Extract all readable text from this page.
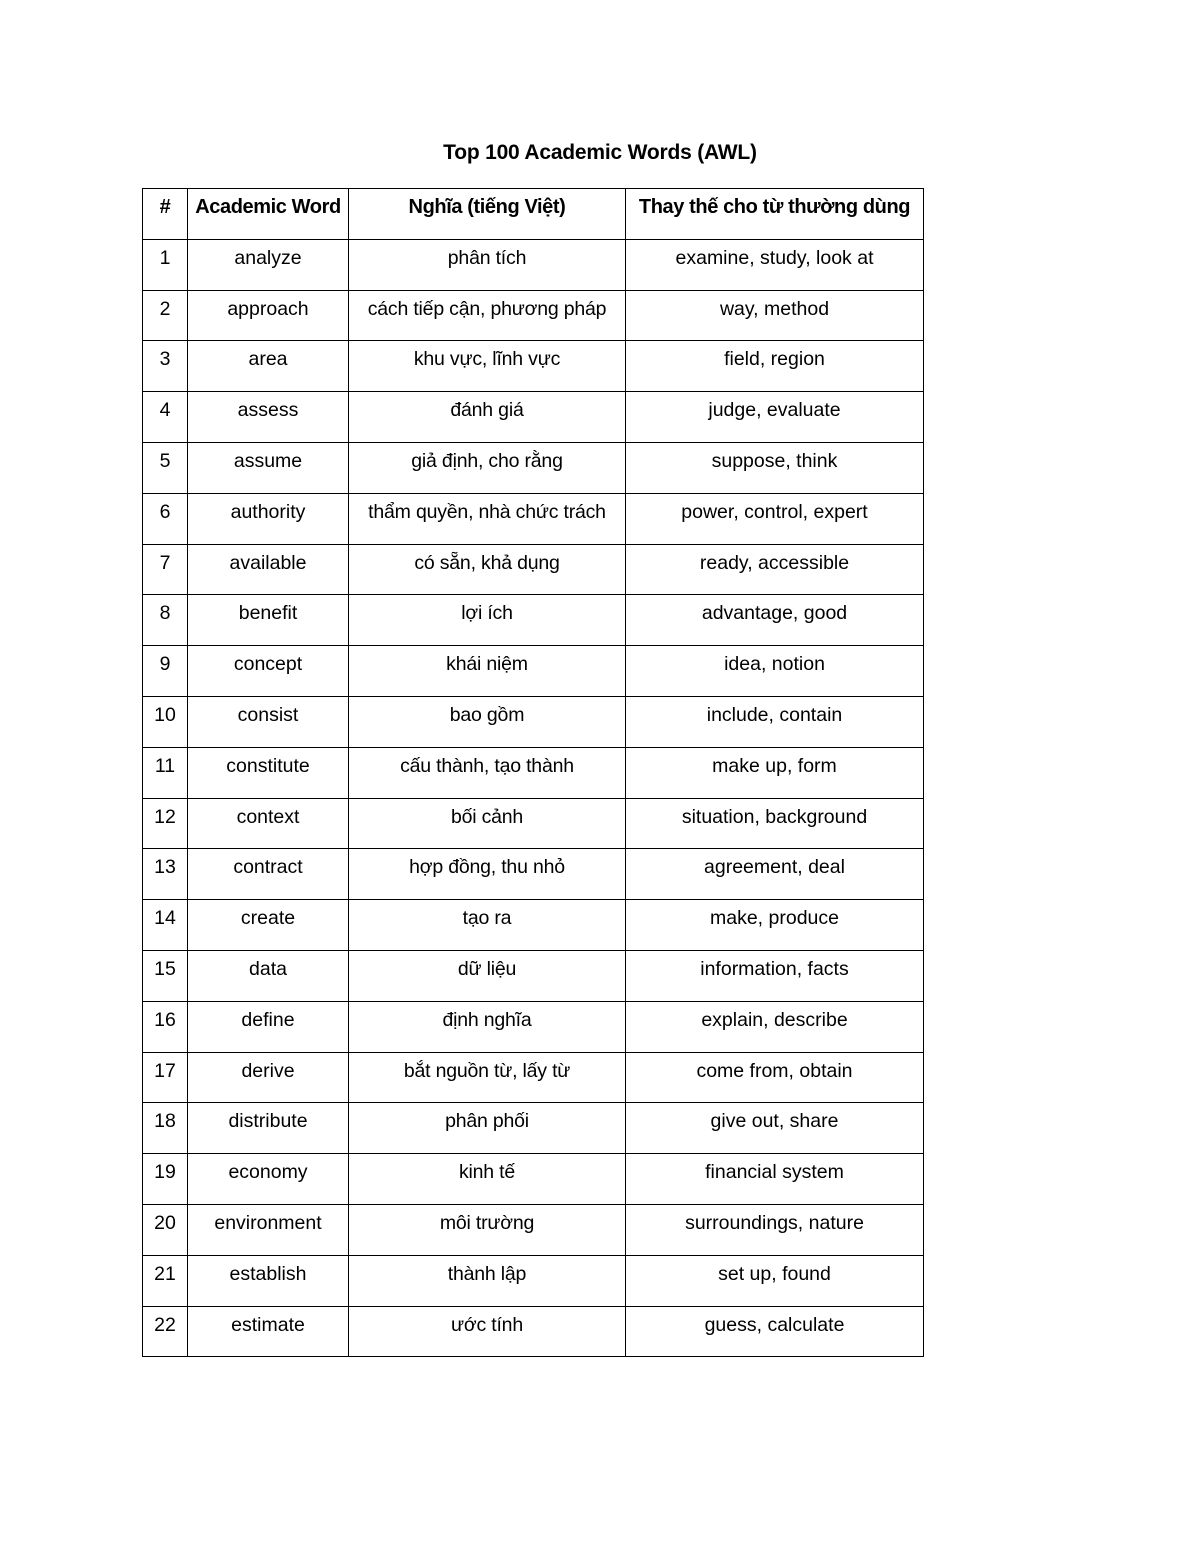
Top 100 Academic Words (AWL)
#	Academic Word	Nghĩa (tiếng Việt)	Thay thế cho từ thường dùng
1	analyze	phân tích	examine, study, look at
2	approach	cách tiếp cận, phương pháp	way, method
3	area	khu vực, lĩnh vực	field, region
4	assess	đánh giá	judge, evaluate
5	assume	giả định, cho rằng	suppose, think
6	authority	thẩm quyền, nhà chức trách	power, control, expert
7	available	có sẵn, khả dụng	ready, accessible
8	benefit	lợi ích	advantage, good
9	concept	khái niệm	idea, notion
10	consist	bao gồm	include, contain
11	constitute	cấu thành, tạo thành	make up, form
12	context	bối cảnh	situation, background
13	contract	hợp đồng, thu nhỏ	agreement, deal
14	create	tạo ra	make, produce
15	data	dữ liệu	information, facts
16	define	định nghĩa	explain, describe
17	derive	bắt nguồn từ, lấy từ	come from, obtain
18	distribute	phân phối	give out, share
19	economy	kinh tế	financial system
20	environment	môi trường	surroundings, nature
21	establish	thành lập	set up, found
22	estimate	ước tính	guess, calculate
